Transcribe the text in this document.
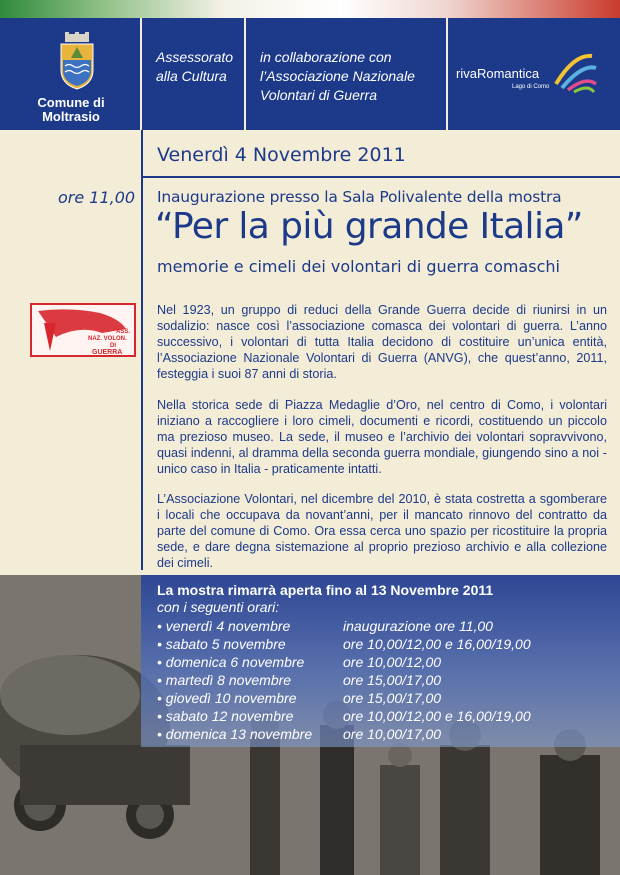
Comune di
Moltrasio

Assessorato

alla Cultura

in collaborazione con

l’Associazione Nazionale

Volontari di Guerra

rivaRomantica
Lago di Como
Venerdì 4 Novembre 2011
ore 11,00 Inaugurazione presso la Sala Polivalente della mostra
“Per la più grande Italia”
memorie e cimeli dei volontari di guerra comaschi
ASS.
NAZ. VOLON.
DI
GUERRA

Nel 1923, un gruppo di reduci della Grande Guerra decide di riunirsi in un sodalizio: nasce così l’associazione comasca dei volontari di guerra. L’anno successivo, i volontari di tutta Italia decidono di costituire un’unica entità, l’Associazione Nazionale Volontari di Guerra (ANVG), che quest’anno, 2011, festeggia i suoi 87 anni di storia.

Nella storica sede di Piazza Medaglie d’Oro, nel centro di Como, i volontari iniziano a raccogliere i loro cimeli, documenti e ricordi, costituendo un piccolo ma prezioso museo. La sede, il museo e l’archivio dei volontari sopravvivono, quasi indenni, al dramma della seconda guerra mondiale, giungendo sino a noi - unico caso in Italia - praticamente intatti.

L’Associazione Volontari, nel dicembre del 2010, è stata costretta a sgomberare i locali che occupava da novant’anni, per il mancato rinnovo del contratto da parte del comune di Como. Ora essa cerca uno spazio per ricostituire la propria sede, e dare degna sistemazione al proprio prezioso archivio e alla collezione dei cimeli.

La mostra rimarrà aperta fino al 13 Novembre 2011
con i seguenti orari:
• venerdì 4 novembre	inaugurazione ore 11,00
• sabato 5 novembre	ore 10,00/12,00 e 16,00/19,00
• domenica 6 novembre	ore 10,00/12,00
• martedì 8 novembre	ore 15,00/17,00
• giovedì 10 novembre	ore 15,00/17,00
• sabato 12 novembre	ore 10,00/12,00 e 16,00/19,00
• domenica 13 novembre ore 10,00/17,00
